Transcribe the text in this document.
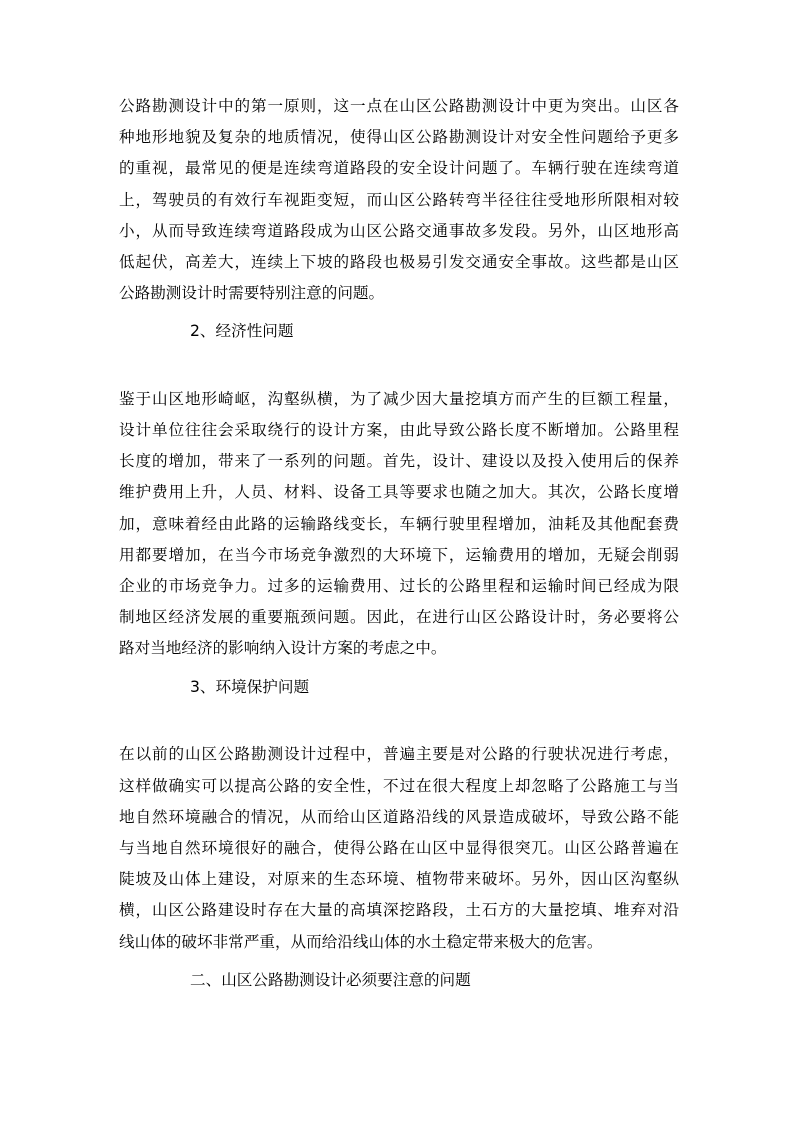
公路勘测设计中的第一原则，这一点在山区公路勘测设计中更为突出。山区各
种地形地貌及复杂的地质情况，使得山区公路勘测设计对安全性问题给予更多
的重视，最常见的便是连续弯道路段的安全设计问题了。车辆行驶在连续弯道
上，驾驶员的有效行车视距变短，而山区公路转弯半径往往受地形所限相对较
小，从而导致连续弯道路段成为山区公路交通事故多发段。另外，山区地形高
低起伏，高差大，连续上下坡的路段也极易引发交通安全事故。这些都是山区
公路勘测设计时需要特别注意的问题。
2、经济性问题
鉴于山区地形崎岖，沟壑纵横，为了减少因大量挖填方而产生的巨额工程量，
设计单位往往会采取绕行的设计方案，由此导致公路长度不断增加。公路里程
长度的增加，带来了一系列的问题。首先，设计、建设以及投入使用后的保养
维护费用上升，人员、材料、设备工具等要求也随之加大。其次，公路长度增
加，意味着经由此路的运输路线变长，车辆行驶里程增加，油耗及其他配套费
用都要增加，在当今市场竞争激烈的大环境下，运输费用的增加，无疑会削弱
企业的市场竞争力。过多的运输费用、过长的公路里程和运输时间已经成为限
制地区经济发展的重要瓶颈问题。因此，在进行山区公路设计时，务必要将公
路对当地经济的影响纳入设计方案的考虑之中。
3、环境保护问题
在以前的山区公路勘测设计过程中，普遍主要是对公路的行驶状况进行考虑，
这样做确实可以提高公路的安全性，不过在很大程度上却忽略了公路施工与当
地自然环境融合的情况，从而给山区道路沿线的风景造成破坏，导致公路不能
与当地自然环境很好的融合，使得公路在山区中显得很突兀。山区公路普遍在
陡坡及山体上建设，对原来的生态环境、植物带来破坏。另外，因山区沟壑纵
横，山区公路建设时存在大量的高填深挖路段，土石方的大量挖填、堆弃对沿
线山体的破坏非常严重，从而给沿线山体的水土稳定带来极大的危害。
二、山区公路勘测设计必须要注意的问题
